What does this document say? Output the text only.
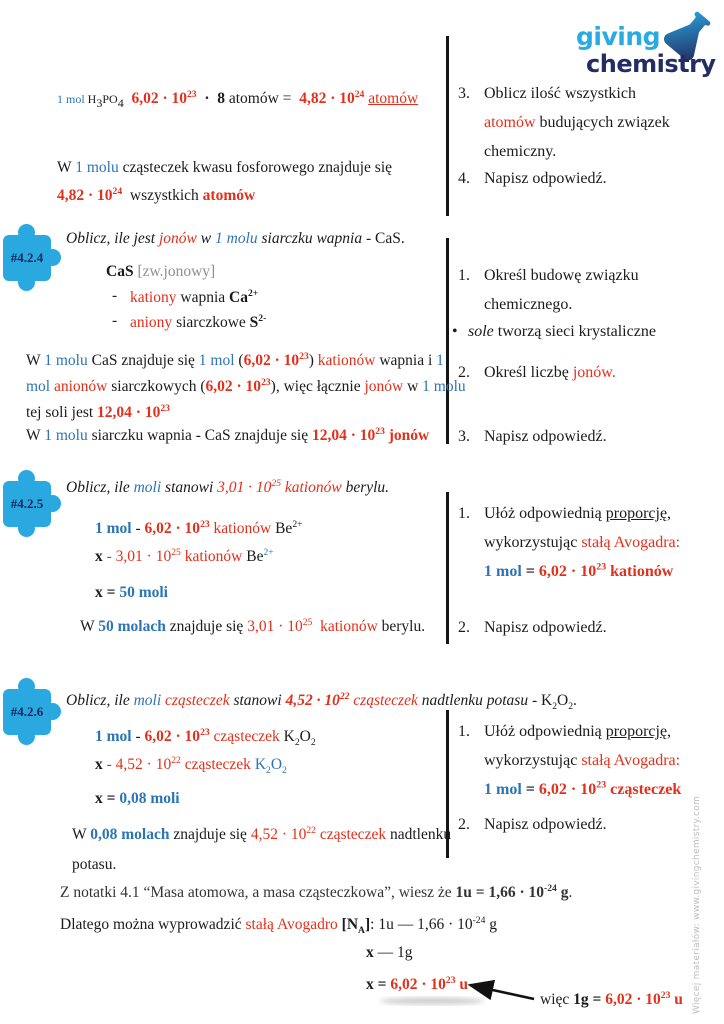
giving
chemistry
1 mol $H_3PO_4$ $6,02 \cdot 10^{23} \cdot 8$ atomów =  $4,82 \cdot 10^{24}$ atomów
W 1 molu cząsteczek kwasu fosforowego znajduje się
$4,82 \cdot 10^{24}$  wszystkich atomów
3. Oblicz ilość wszystkich
atomów budujących związek
chemiczny.
4. Napisz odpowiedź.
#4.2.4
Oblicz, ile jest jonów w 1 molu siarczku wapnia - CaS.
CaS [zw.jonowy]
- kationy wapnia $Ca^{2+}$
- aniony siarczkowe $S^{2-}$
W 1 molu CaS znajduje się 1 mol $(6,02 \cdot 10^{23})$ kationów wapnia i 1
mol anionów siarczkowych $(6,02 \cdot 10^{23})$, więc łącznie jonów w 1 molu
tej soli jest $12,04 \cdot 10^{23}$
W 1 molu siarczku wapnia - CaS znajduje się $12,04 \cdot 10^{23}$ jonów
1. Określ budowę związku
chemicznego.
• sole tworzą sieci krystaliczne
2. Określ liczbę jonów.
3. Napisz odpowiedź.
#4.2.5
Oblicz, ile moli stanowi $3,01 \cdot 10^{25}$ kationów berylu.
1 mol - $6,02 \cdot 10^{23}$ kationów $Be^{2+}$
$x - 3,01 \cdot 10^{25}$ kationów $Be^{2+}$
x = 50 moli
W 50 molach znajduje się $3,01 \cdot 10^{25}$  kationów berylu.
1. Ułóż odpowiednią proporcję,
wykorzystując stałą Avogadra:
1 mol = $6,02 \cdot 10^{23}$ kationów
2. Napisz odpowiedź.
#4.2.6
Oblicz, ile moli cząsteczek stanowi $4,52 \cdot 10^{22}$ cząsteczek nadtlenku potasu - $K_2O_2$.
1 mol - $6,02 \cdot 10^{23}$ cząsteczek $K_2O_2$
$x - 4,52 \cdot 10^{22}$ cząsteczek $K_2O_2$
x = 0,08 moli
W 0,08 molach znajduje się $4,52 \cdot 10^{22}$ cząsteczek nadtlenku
potasu.
1. Ułóż odpowiednią proporcję,
wykorzystując stałą Avogadra:
1 mol = $6,02 \cdot 10^{23}$ cząsteczek
2. Napisz odpowiedź.
Z notatki 4.1 “Masa atomowa, a masa cząsteczkowa”, wiesz że $1u = 1,66 \cdot 10^{-24}$ g.
Dlatego można wyprowadzić stałą Avogadro $[N_A]$: 1u — $1,66 \cdot 10^{-24}$ g
x — 1g
$x = 6,02 \cdot 10^{23}$ u
więc $1g = 6,02 \cdot 10^{23}$ u Więcej materiałów: www.givingchemistry.com
